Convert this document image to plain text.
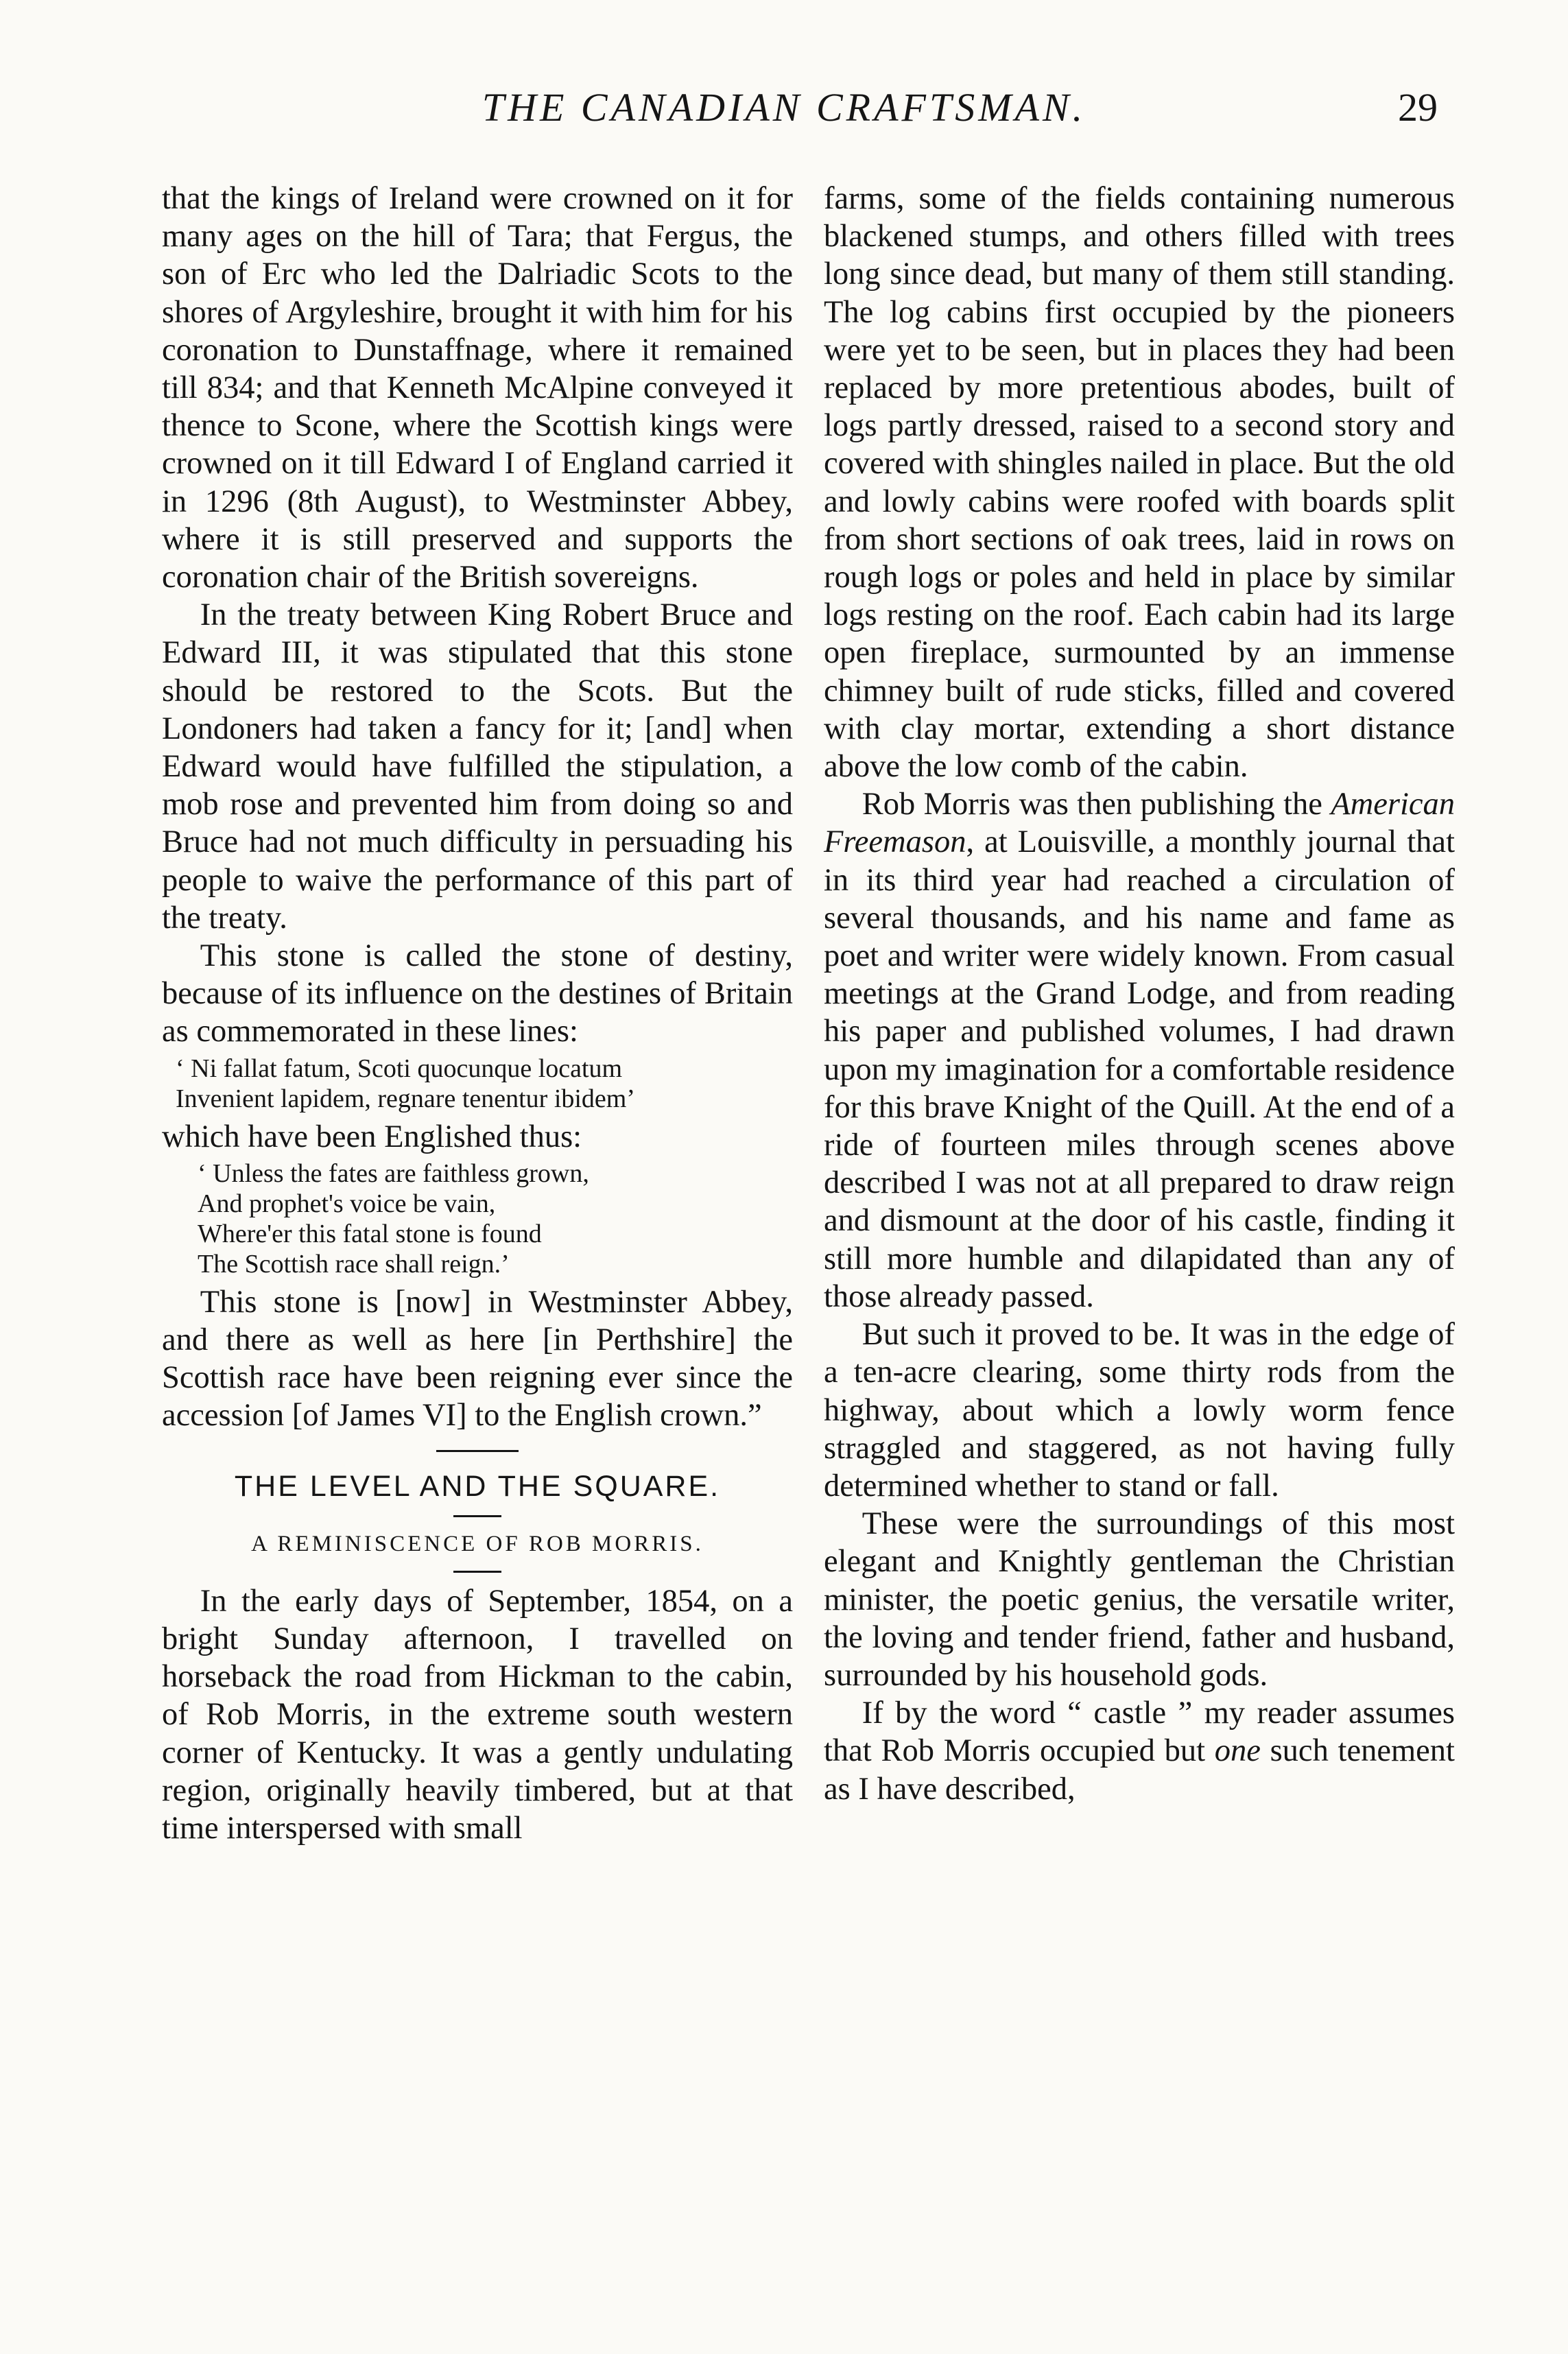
THE CANADIAN CRAFTSMAN.	29

that the kings of Ireland were crowned on it for many ages on the hill of Tara; that Fergus, the son of Erc who led the Dalriadic Scots to the shores of Argyleshire, brought it with him for his coronation to Dunstaffnage, where it remained till 834; and that Kenneth McAlpine conveyed it thence to Scone, where the Scottish kings were crowned on it till Edward I of England carried it in 1296 (8th August), to Westminster Abbey, where it is still preserved and supports the coronation chair of the British sovereigns.

In the treaty between King Robert Bruce and Edward III, it was stipulated that this stone should be restored to the Scots. But the Londoners had taken a fancy for it; [and] when Edward would have fulfilled the stipulation, a mob rose and prevented him from doing so and Bruce had not much difficulty in persuading his people to waive the performance of this part of the treaty.

This stone is called the stone of destiny, because of its influence on the destines of Britain as commemorated in these lines:

‘ Ni fallat fatum, Scoti quocunque locatum
Invenient lapidem, regnare tenentur ibidem’

which have been Englished thus:

‘ Unless the fates are faithless grown,
And prophet's voice be vain,
Where'er this fatal stone is found
The Scottish race shall reign.’

This stone is [now] in Westminster Abbey, and there as well as here [in Perthshire] the Scottish race have been reigning ever since the accession [of James VI] to the English crown.”

THE LEVEL AND THE SQUARE.
A REMINISCENCE OF ROB MORRIS.

In the early days of September, 1854, on a bright Sunday afternoon, I travelled on horseback the road from Hickman to the cabin, of Rob Morris, in the extreme south western corner of Kentucky. It was a gently undulating region, originally heavily timbered, but at that time interspersed with small

farms, some of the fields containing numerous blackened stumps, and others filled with trees long since dead, but many of them still standing. The log cabins first occupied by the pioneers were yet to be seen, but in places they had been replaced by more pretentious abodes, built of logs partly dressed, raised to a second story and covered with shingles nailed in place. But the old and lowly cabins were roofed with boards split from short sections of oak trees, laid in rows on rough logs or poles and held in place by similar logs resting on the roof. Each cabin had its large open fireplace, surmounted by an immense chimney built of rude sticks, filled and covered with clay mortar, extending a short distance above the low comb of the cabin.

Rob Morris was then publishing the American Freemason, at Louisville, a monthly journal that in its third year had reached a circulation of several thousands, and his name and fame as poet and writer were widely known. From casual meetings at the Grand Lodge, and from reading his paper and published volumes, I had drawn upon my imagination for a comfortable residence for this brave Knight of the Quill. At the end of a ride of fourteen miles through scenes above described I was not at all prepared to draw reign and dismount at the door of his castle, finding it still more humble and dilapidated than any of those already passed.

But such it proved to be. It was in the edge of a ten-acre clearing, some thirty rods from the highway, about which a lowly worm fence straggled and staggered, as not having fully determined whether to stand or fall.

These were the surroundings of this most elegant and Knightly gentleman the Christian minister, the poetic genius, the versatile writer, the loving and tender friend, father and husband, surrounded by his household gods.

If by the word “ castle ” my reader assumes that Rob Morris occupied but one such tenement as I have described,
